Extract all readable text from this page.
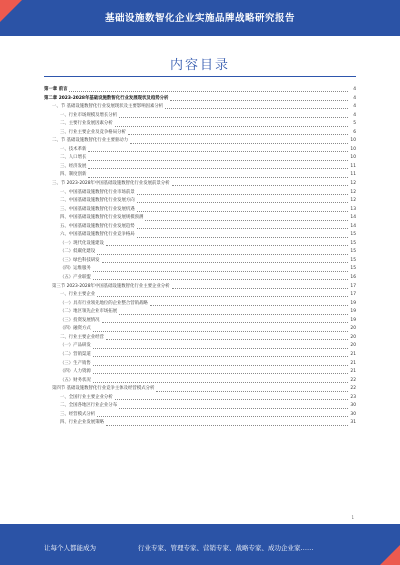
基础设施数智化企业实施品牌战略研究报告
内容目录
第一章 前言	4
第二章 2023-2028年基础设施数智化行业发展现状及趋势分析	4
一、节 基础设施数智化行业发展现状及主要影响因素分析	4
一、行业市场规模及增长分析	4
二、主要行业发展因素分析	5
三、行业主要企业及竞争格局分析	6
二、节 基础设施数智化行业主要驱动力	10
一、技术革新	10
二、人口增长	10
三、经济发展	11
四、制度创新	11
三、节 2023-2028年中国基础设施数智化行业发展前景分析	12
一、中国基础设施数智化行业市场前景	12
二、中国基础设施数智化行业发展方向	12
三、中国基础设施数智化行业发展机遇	13
四、中国基础设施数智化行业发展规模预测	14
五、中国基础设施数智化行业发展趋势	14
六、中国基础设施数智化行业竞争格局	15
（一）现代化设施建设	15
（二）低碳化建设	15
（三）绿色科技研发	15
（四）运维服务	15
（五）产业联盟	16
第三节 2023-2028年中国基础设施数智化行业主要企业分析	17
一、行业主要企业	17
（一）具有行业领先地位的企业整合营销战略	19
（二）地区领先企业市场拓展	19
（三）投资发展情况	19
（四）融资方式	20
二、行业主要企业经营	20
（一）产品研发	20
（二）营销渠道	21
（三）生产销售	21
（四）人力资源	21
（五）财务状况	22
第四节 基础设施数智化行业竞争主体及经营模式分析	22
一、全国行业主要企业分析	23
二、全国各地区行业企业分布	30
三、经营模式分析	30
四、行业企业发展策略	31
1
让每个人都能成为	行业专家、管理专家、营销专家、战略专家、成功企业家……
